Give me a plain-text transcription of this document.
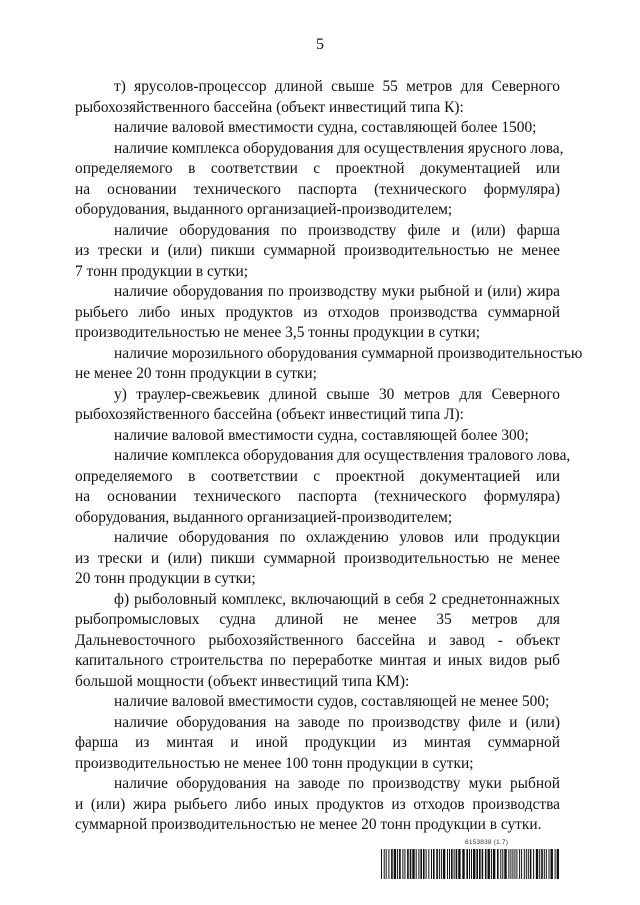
5
т) ярусолов-процессор длиной свыше 55 метров для Северного
рыбохозяйственного бассейна (объект инвестиций типа К):
наличие валовой вместимости судна, составляющей более 1500;
наличие комплекса оборудования для осуществления ярусного лова,
определяемого в соответствии с проектной документацией или
на основании технического паспорта (технического формуляра)
оборудования, выданного организацией-производителем;
наличие оборудования по производству филе и (или) фарша
из трески и (или) пикши суммарной производительностью не менее
7 тонн продукции в сутки;
наличие оборудования по производству муки рыбной и (или) жира
рыбьего либо иных продуктов из отходов производства суммарной
производительностью не менее 3,5 тонны продукции в сутки;
наличие морозильного оборудования суммарной производительностью
не менее 20 тонн продукции в сутки;
у) траулер-свежьевик длиной свыше 30 метров для Северного
рыбохозяйственного бассейна (объект инвестиций типа Л):
наличие валовой вместимости судна, составляющей более 300;
наличие комплекса оборудования для осуществления тралового лова,
определяемого в соответствии с проектной документацией или
на основании технического паспорта (технического формуляра)
оборудования, выданного организацией-производителем;
наличие оборудования по охлаждению уловов или продукции
из трески и (или) пикши суммарной производительностью не менее
20 тонн продукции в сутки;
ф) рыболовный комплекс, включающий в себя 2 среднетоннажных
рыбопромысловых судна длиной не менее 35 метров для
Дальневосточного рыбохозяйственного бассейна и завод - объект
капитального строительства по переработке минтая и иных видов рыб
большой мощности (объект инвестиций типа КМ):
наличие валовой вместимости судов, составляющей не менее 500;
наличие оборудования на заводе по производству филе и (или)
фарша из минтая и иной продукции из минтая суммарной
производительностью не менее 100 тонн продукции в сутки;
наличие оборудования на заводе по производству муки рыбной
и (или) жира рыбьего либо иных продуктов из отходов производства
суммарной производительностью не менее 20 тонн продукции в сутки.
6153838 (1.7)
